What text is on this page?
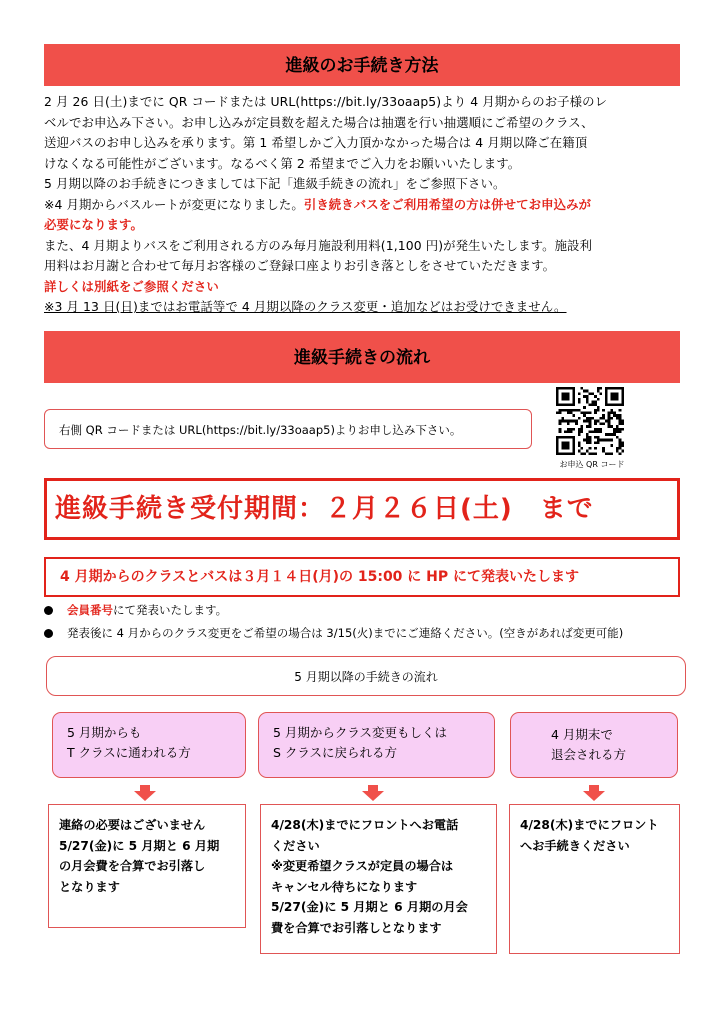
進級のお手続き方法
2 月 26 日(土)までに QR コードまたは URL(https://bit.ly/33oaap5)より 4 月期からのお子様のレ
ベルでお申込み下さい。お申し込みが定員数を超えた場合は抽選を行い抽選順にご希望のクラス、
送迎バスのお申し込みを承ります。第 1 希望しかご入力頂かなかった場合は 4 月期以降ご在籍頂
けなくなる可能性がございます。なるべく第 2 希望までご入力をお願いいたします。
5 月期以降のお手続きにつきましては下記「進級手続きの流れ」をご参照下さい。
※4 月期からバスルートが変更になりました。引き続きバスをご利用希望の方は併せてお申込みが
必要になります。
また、4 月期よりバスをご利用される方のみ毎月施設利用料(1,100 円)が発生いたします。施設利
用料はお月謝と合わせて毎月お客様のご登録口座よりお引き落としをさせていただきます。
詳しくは別紙をご参照ください
※3 月 13 日(日)まではお電話等で 4 月期以降のクラス変更・追加などはお受けできません。
進級手続きの流れ
右側 QR コードまたは URL(https://bit.ly/33oaap5)よりお申し込み下さい。
お申込 QR コード
進級手続き受付期間：２月２６日(土)　まで
4 月期からのクラスとバスは３月１４日(月)の 15:00 に HP にて発表いたします
会員番号にて発表いたします。
発表後に 4 月からのクラス変更をご希望の場合は 3/15(火)までにご連絡ください。(空きがあれば変更可能)
5 月期以降の手続きの流れ
5 月期からも
T クラスに通われる方
連絡の必要はございません
5/27(金)に 5 月期と 6 月期
の月会費を合算でお引落し
となります
5 月期からクラス変更もしくは
S クラスに戻られる方
4/28(木)までにフロントへお電話
ください
※変更希望クラスが定員の場合は
キャンセル待ちになります
5/27(金)に 5 月期と 6 月期の月会
費を合算でお引落しとなります
4 月期末で
退会される方
4/28(木)までにフロント
へお手続きください
